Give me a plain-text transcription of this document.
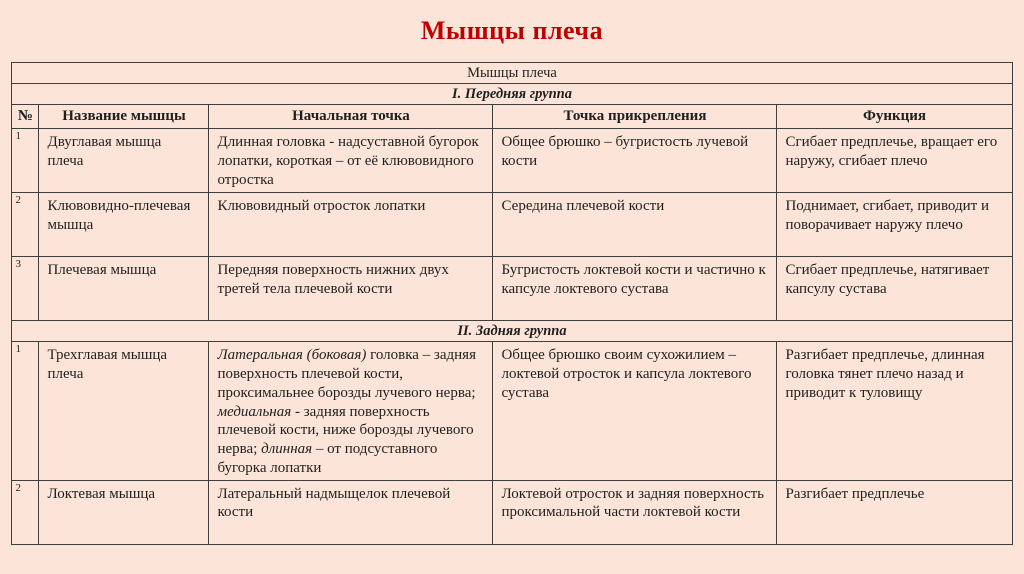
Мышцы плеча
Мышцы плеча				
I. Передняя группа				
№	Название мышцы	Начальная точка	Точка прикрепления	Функция
1	Двуглавая мышца плеча	Длинная головка - надсуставной бугорок лопатки, короткая – от её клювовидного отростка	Общее брюшко – бугристость лучевой кости	Сгибает предплечье, вращает его наружу, сгибает плечо
2	Клювовидно-плечевая мышца	Клювовидный отросток лопатки	Середина плечевой кости	Поднимает, сгибает, приводит и поворачивает наружу плечо
3	Плечевая мышца	Передняя поверхность нижних двух третей тела плечевой кости	Бугристость локтевой кости и частично к капсуле локтевого сустава	Сгибает предплечье, натягивает капсулу сустава
II. Задняя группа				
1	Трехглавая мышца плеча	Латеральная (боковая) головка – задняя поверхность плечевой кости, проксимальнее борозды лучевого нерва; медиальная - задняя поверхность плечевой кости, ниже борозды лучевого нерва; длинная – от подсуставного бугорка лопатки	Общее брюшко своим сухожилием – локтевой отросток и капсула локтевого сустава	Разгибает предплечье, длинная головка тянет плечо назад и приводит к туловищу
2	Локтевая мышца	Латеральный надмыщелок плечевой кости	Локтевой отросток и задняя поверхность проксимальной части локтевой кости	Разгибает предплечье
